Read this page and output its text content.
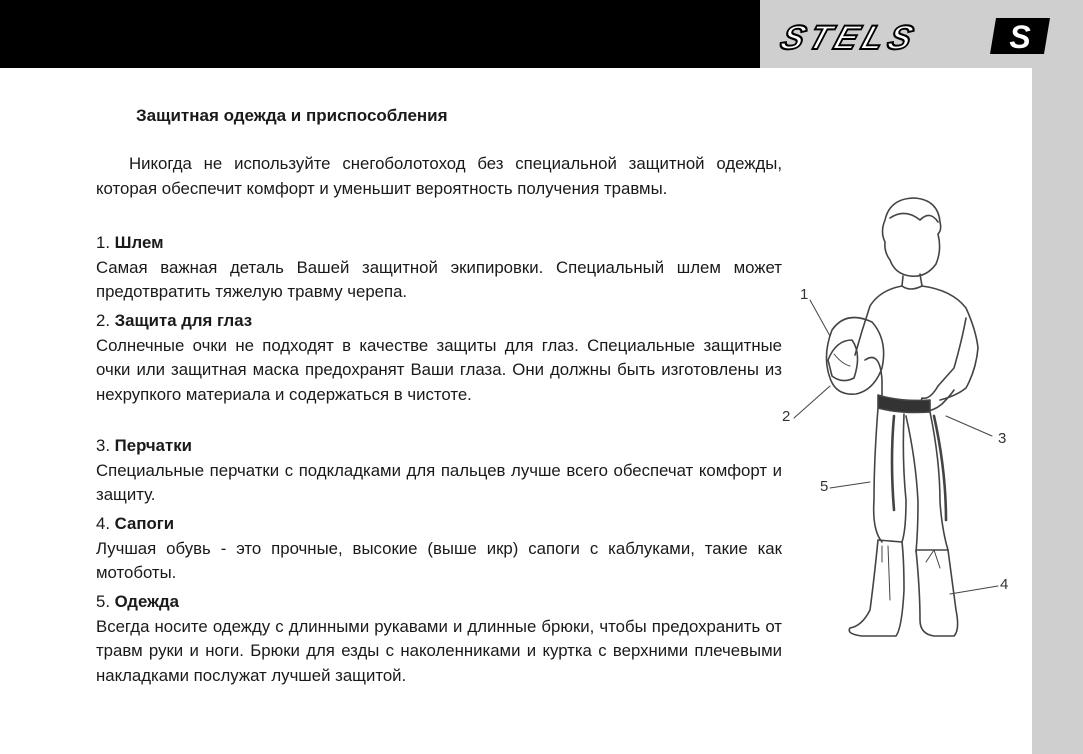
STELS	S
Защитная одежда и приспособления
Никогда не используйте снегоболотоход без специальной защитной одежды, которая обеспечит комфорт и уменьшит вероятность получения травмы.
1. Шлем
Самая важная деталь Вашей защитной экипировки. Специальный шлем может предотвратить тяжелую травму черепа.
2. Защита для глаз
Солнечные очки не подходят в качестве защиты для глаз. Специальные защитные очки или защитная маска предохранят Ваши глаза. Они должны быть изготовлены из нехрупкого материала и содержаться в чистоте.
3. Перчатки
Специальные перчатки с подкладками для пальцев лучше всего обеспечат комфорт и защиту.
4. Сапоги
Лучшая обувь - это прочные, высокие (выше икр) сапоги с каблуками, такие как мотоботы.
5. Одежда
Всегда носите одежду с длинными рукавами и длинные брюки, чтобы предохранить от травм руки и ноги. Брюки для езды с наколенниками и куртка с верхними плечевыми накладками послужат лучшей защитой.
1
2
3
4
5
